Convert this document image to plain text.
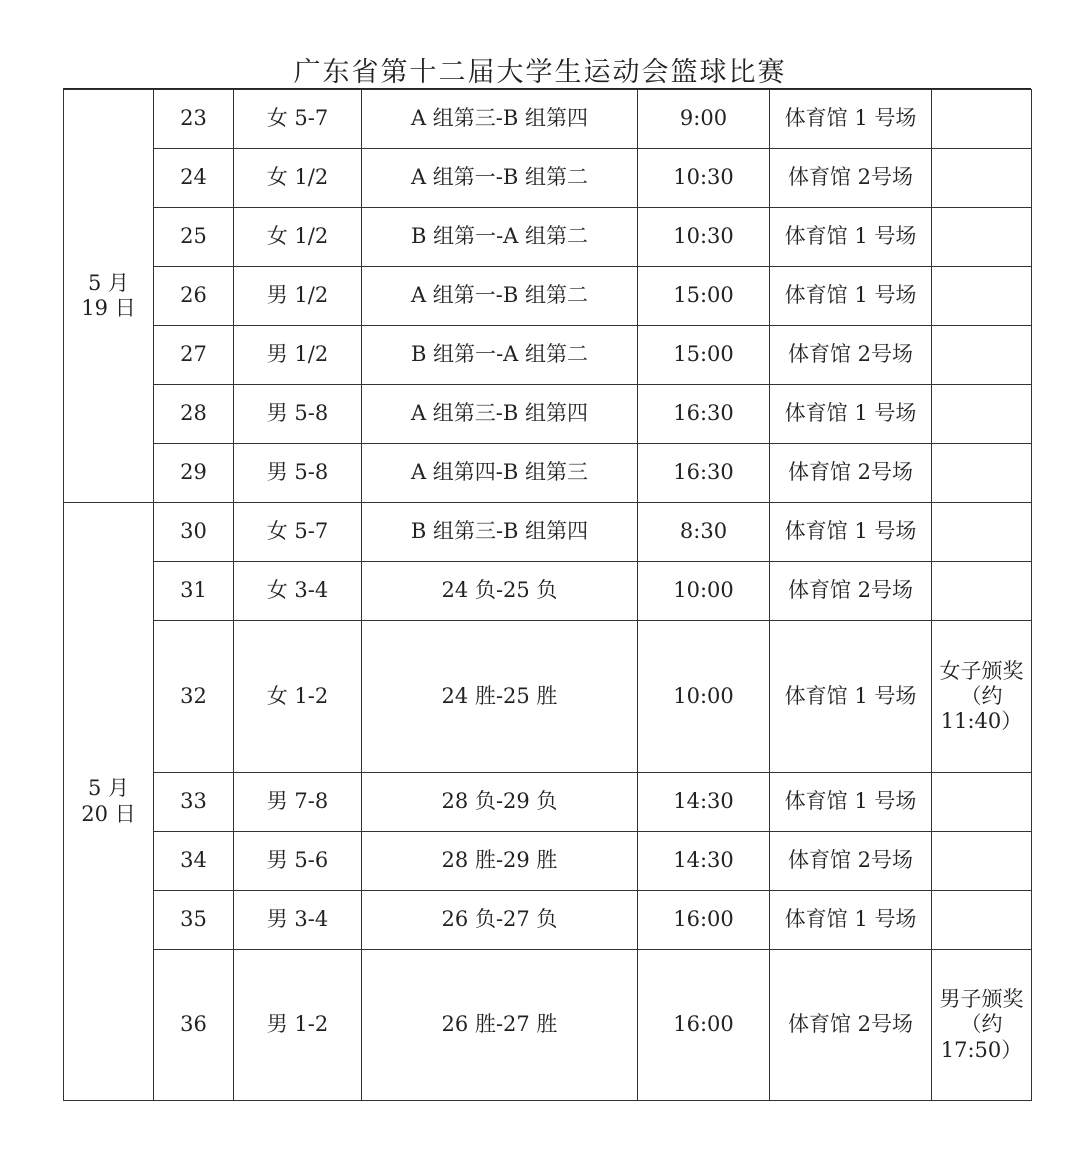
广东省第十二届大学生运动会篮球比赛
5 月
19 日	23	女 5-7	A 组第三-B 组第四	9:00	体育馆 1 号场	
	24	女 1/2	A 组第一-B 组第二	10:30	体育馆 2号场	
	25	女 1/2	B 组第一-A 组第二	10:30	体育馆 1 号场	
	26	男 1/2	A 组第一-B 组第二	15:00	体育馆 1 号场	
	27	男 1/2	B 组第一-A 组第二	15:00	体育馆 2号场	
	28	男 5-8	A 组第三-B 组第四	16:30	体育馆 1 号场	
	29	男 5-8	A 组第四-B 组第三	16:30	体育馆 2号场	

5 月
20 日	30	女 5-7	B 组第三-B 组第四	8:30	体育馆 1 号场	
	31	女 3-4	24 负-25 负	10:00	体育馆 2号场	
	32	女 1-2	24 胜-25 胜	10:00	体育馆 1 号场	女子颁奖
（约
11:40）

	33	男 7-8	28 负-29 负	14:30	体育馆 1 号场	
	34	男 5-6	28 胜-29 胜	14:30	体育馆 2号场	
	35	男 3-4	26 负-27 负	16:00	体育馆 1 号场	
	36	男 1-2	26 胜-27 胜	16:00	体育馆 2号场	男子颁奖
（约
17:50）
